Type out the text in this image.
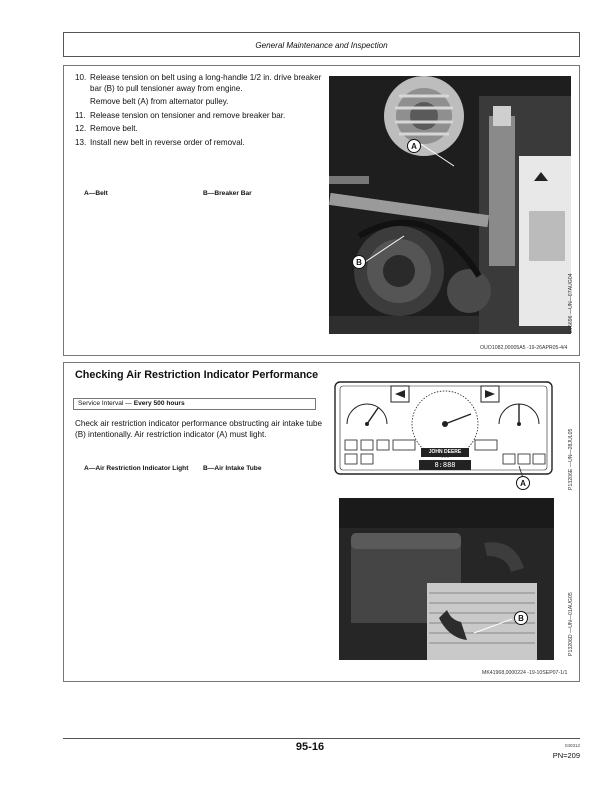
General Maintenance and Inspection
10. Release tension on belt using a long-handle 1/2 in. drive breaker bar (B) to pull tensioner away from engine.
Remove belt (A) from alternator pulley.
11. Release tension on tensioner and remove breaker bar.
12. Remove belt.
13. Install new belt in reverse order of removal.
A—Belt	B—Breaker Bar
A
B
LV5696 —UN—07AUG04
OUO1082,00005A5 -19-26APR05-4/4
Checking Air Restriction Indicator Performance
Service Interval — Every 500 hours
Check air restriction indicator performance obstructing air intake tube (B) intentionally. Air restriction indicator (A) must light.
A—Air Restriction Indicator Light	B—Air Intake Tube
JOHN DEERE
8:888
A	P13206E —UN—28JUL05
B	P13206D —UN—01AUG05
MK41968,0000224 -19-10SEP07-1/1
95-16	040312
PN=209
